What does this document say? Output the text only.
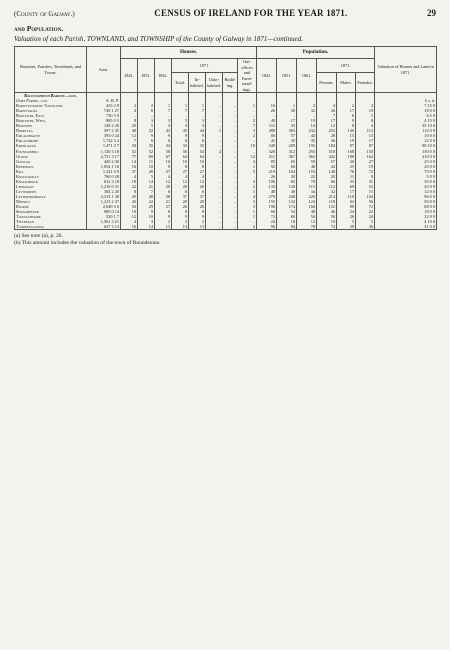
(County of Galway.)	CENSUS OF IRELAND FOR THE YEAR 1871.	29
and Population.
Valuation of each Parish, TOWNLAND, and TOWNSHIP of the County of Galway in 1871—continued.
Baronies, Parishes, Townlands, and Towns.	Area.	Houses.								Population.						Valuation of Houses and Land in 1871.
		1841.	1851.	1861.	1871.				Out-offices and Farm-stead-ings.	1841.	1851.	1861.	1871.			
					Total.	In-habited.	Unin-habited.	Build-ing.					Persons.	Males.	Females.	
Ballynahinch Barony—con.																
Omey Parish—con.	A. R. P.															£ s. d.
Barnyvickrune Townland,	433 2 8	2	2	1	1	1	..	..	1	16	1	2	4	2	2	7 15 0
Barnyvalda	749 1 27	4	6	7	7	7	..	..	..	26	30	32	36	17	19	18 0 0
Booleiter, East,	730 3 0	..	..	..	..	..	..	..	..	..	..	..	7	6	1	6 5 0
Booleiter, West,	885 0 5	8	3	3	3	3	..	..	2	49	17	19	17	9	8	4 15 0
Bunowen	128 2 20	20	5	3	3	3	..	..	7	111	35	14	12	8	4	35 10 0
Derrylea	597 2 35	48	52	43	45	44	1	..	3	288	303	232	252	140	112	112 0 0
Emlaghdauve	393 0 24	12	9	9	9	9	..	..	2	80	57	44	28	15	13	10 0 0
Emlaghmore	1,722 3 2	7	6	6	6	6	..	..	..	41	35	35	36	19	17	12 0 0
Errislanan	1,471 2 7	58	35	34	33	33	..	..	10	340	209	195	184	97	87	98 10 0
Fountainhill	1,130 3 18	52	52	50	56	54	2	..	..	328	312	293	318	168	150	130 0 0
Glinsk	2,751 3 17	77	69	67	64	64	..	..	12	411	367	363	342	180	162	210 0 0
Gowlan	420 2 30	14	11	10	10	10	..	..	4	85	65	59	57	30	27	25 0 0
Keerhaun	1,054 1 16	16	10	9	8	8	..	..	1	92	60	48	44	25	19	20 0 0
Kill	1,321 0 8	37	28	27	27	27	..	..	5	219	164	153	148	76	72	70 0 0
Knockavally	760 0 28	4	5	4	4	4	..	..	..	26	30	22	20	11	9	5 0 0
Knockbrack	612 3 18	18	14	12	12	12	..	..	3	106	82	70	66	35	31	30 0 0
Lehanagh	1,216 0 31	22	21	20	20	20	..	..	2	133	120	115	112	60	52	45 0 0
Letterdeen	384 2 20	8	7	6	6	6	..	..	1	48	40	34	32	17	15	12 0 0
Lettershanbally	2,315 1 30	45	40	38	37	37	..	..	4	270	240	220	214	110	104	96 0 0
Moyrus	1,213 2 37	26	22	21	20	20	..	..	3	155	132	124	118	62	56	50 0 0
Rosroe	2,040 3 6	33	29	27	26	26	..	..	5	198	174	160	152	80	72	68 0 0
Shanaheever	900 0 14	10	9	8	8	8	..	..	1	60	54	48	46	24	22	18 0 0
Tawnaghmore	520 1 7	12	10	9	9	9	..	..	1	72	60	54	50	26	24	22 0 0
Tievebaun	1,561 3 21	4	3	2	2	2	..	..	..	24	18	12	10	5	5	4 10 0
Tooreenacoona	657 3 13	16	14	13	13	13	..	..	2	96	84	78	74	38	36	31 0 0
(a) See note (a), p. 26.
(b) This amount includes the valuation of the town of Roundstone.
